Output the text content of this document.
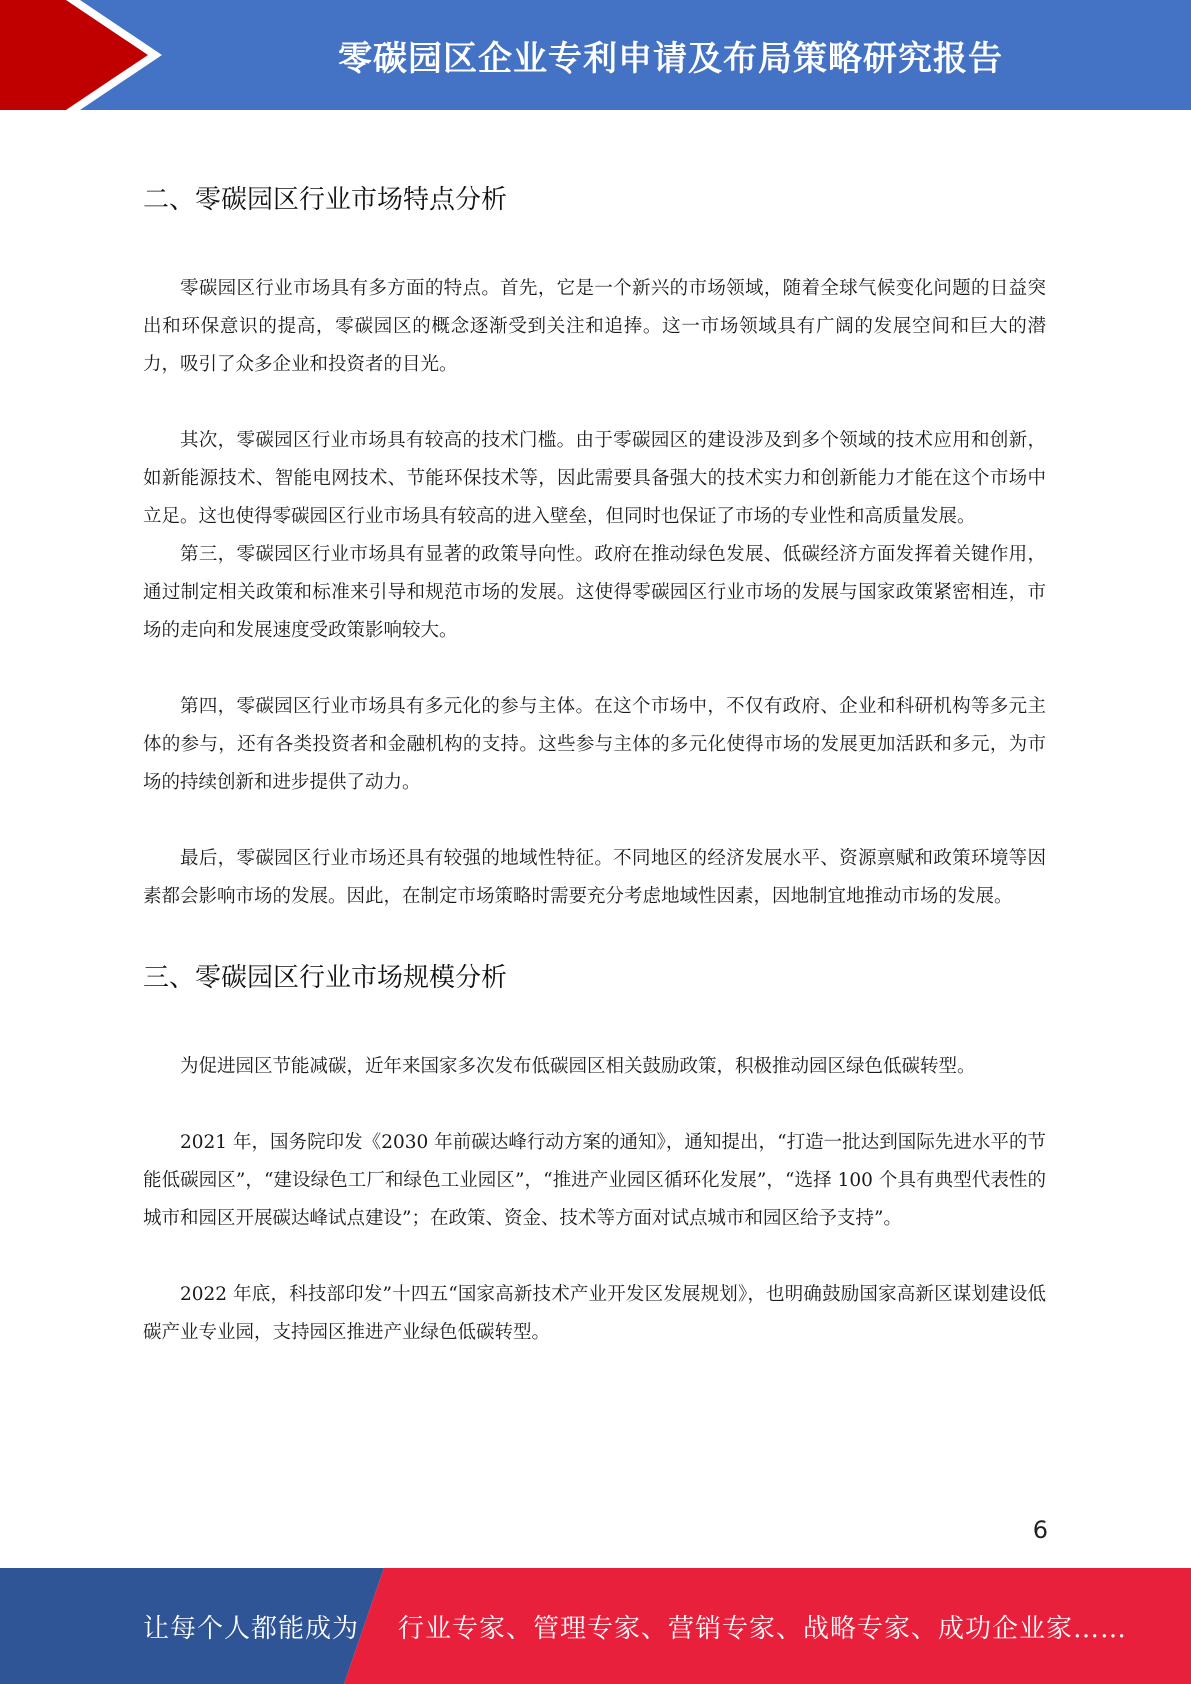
零碳园区企业专利申请及布局策略研究报告
二、零碳园区行业市场特点分析

零碳园区行业市场具有多方面的特点。首先，它是一个新兴的市场领域，随着全球气候变化问题的日益突出和环保意识的提高，零碳园区的概念逐渐受到关注和追捧。这一市场领域具有广阔的发展空间和巨大的潜力，吸引了众多企业和投资者的目光。

其次，零碳园区行业市场具有较高的技术门槛。由于零碳园区的建设涉及到多个领域的技术应用和创新，如新能源技术、智能电网技术、节能环保技术等，因此需要具备强大的技术实力和创新能力才能在这个市场中立足。这也使得零碳园区行业市场具有较高的进入壁垒，但同时也保证了市场的专业性和高质量发展。

第三，零碳园区行业市场具有显著的政策导向性。政府在推动绿色发展、低碳经济方面发挥着关键作用，通过制定相关政策和标准来引导和规范市场的发展。这使得零碳园区行业市场的发展与国家政策紧密相连，市场的走向和发展速度受政策影响较大。

第四，零碳园区行业市场具有多元化的参与主体。在这个市场中，不仅有政府、企业和科研机构等多元主体的参与，还有各类投资者和金融机构的支持。这些参与主体的多元化使得市场的发展更加活跃和多元，为市场的持续创新和进步提供了动力。

最后，零碳园区行业市场还具有较强的地域性特征。不同地区的经济发展水平、资源禀赋和政策环境等因素都会影响市场的发展。因此，在制定市场策略时需要充分考虑地域性因素，因地制宜地推动市场的发展。

三、零碳园区行业市场规模分析

为促进园区节能减碳，近年来国家多次发布低碳园区相关鼓励政策，积极推动园区绿色低碳转型。

2021 年，国务院印发《2030 年前碳达峰行动方案的通知》，通知提出，“打造一批达到国际先进水平的节能低碳园区”，“建设绿色工厂和绿色工业园区”，“推进产业园区循环化发展”，“选择 100 个具有典型代表性的城市和园区开展碳达峰试点建设”；在政策、资金、技术等方面对试点城市和园区给予支持”。

2022 年底，科技部印发”十四五“国家高新技术产业开发区发展规划》，也明确鼓励国家高新区谋划建设低碳产业专业园，支持园区推进产业绿色低碳转型。

6
让每个人都能成为 行业专家、管理专家、营销专家、战略专家、成功企业家……
